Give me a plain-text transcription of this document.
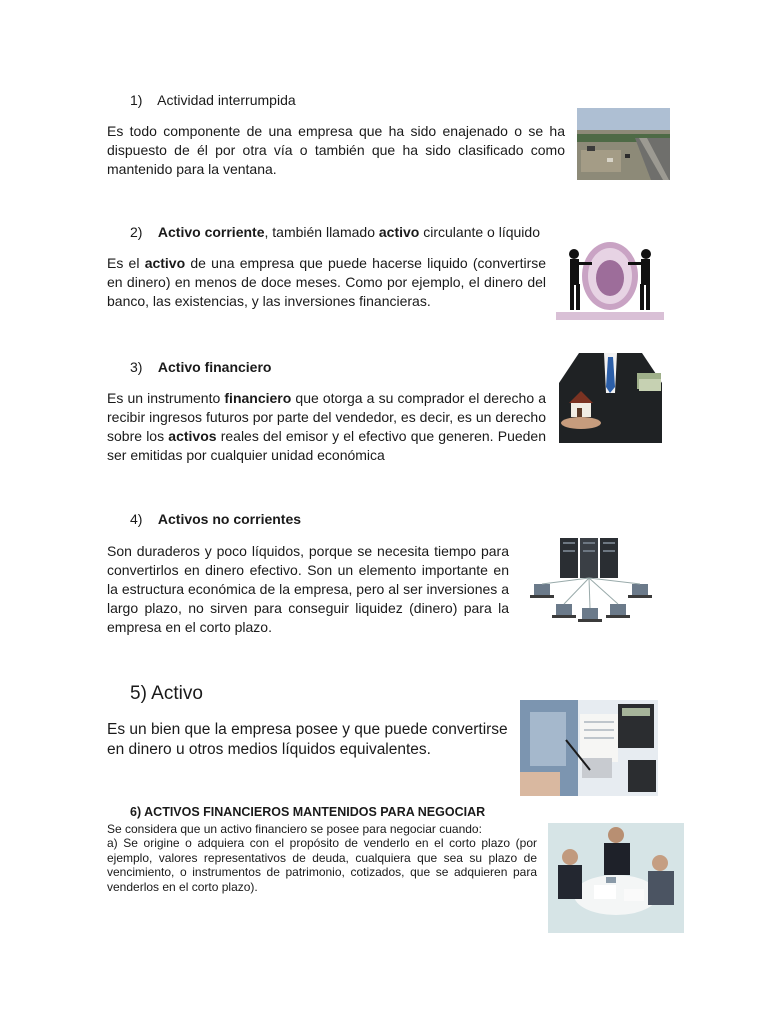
1) Actividad interrumpida

Es todo componente de una empresa que ha sido enajenado o se ha dispuesto de él por otra vía o también que ha sido clasificado como mantenido para la ventana.

2) Activo corriente, también llamado activo circulante o líquido

Es el activo de una empresa que puede hacerse liquido (convertirse en dinero) en menos de doce meses. Como por ejemplo, el dinero del banco, las existencias, y las inversiones financieras.

3) Activo financiero

Es un instrumento financiero que otorga a su comprador el derecho a recibir ingresos futuros por parte del vendedor, es decir, es un derecho sobre los activos reales del emisor y el efectivo que generen. Pueden ser emitidas por cualquier unidad económica

4) Activos no corrientes

Son duraderos y poco líquidos, porque se necesita tiempo para convertirlos en dinero efectivo. Son un elemento importante en la estructura económica de la empresa, pero al ser inversiones a largo plazo, no sirven para conseguir liquidez (dinero) para la empresa en el corto plazo.

5) Activo

Es un bien que la empresa posee y que puede convertirse en dinero u otros medios líquidos equivalentes.

6) ACTIVOS FINANCIEROS MANTENIDOS PARA NEGOCIAR

Se considera que un activo financiero se posee para negociar cuando:

a) Se origine o adquiera con el propósito de venderlo en el corto plazo (por ejemplo, valores representativos de deuda, cualquiera que sea su plazo de vencimiento, o instrumentos de patrimonio, cotizados, que se adquieren para venderlos en el corto plazo).
